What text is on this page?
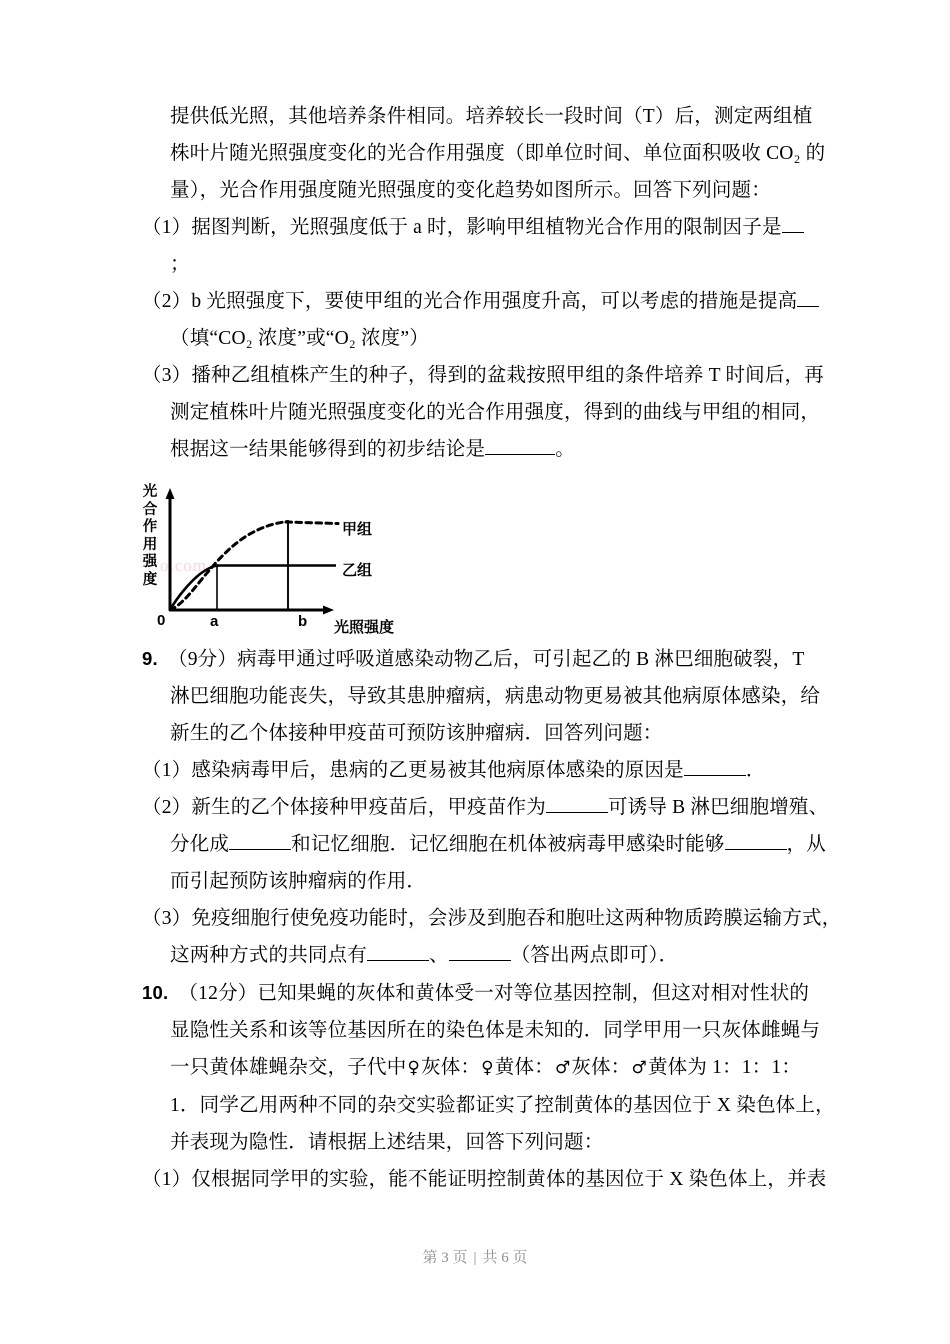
提供低光照，其他培养条件相同。培养较长一段时间（T）后，测定两组植
株叶片随光照强度变化的光合作用强度（即单位时间、单位面积吸收 CO₂ 的
量），光合作用强度随光照强度的变化趋势如图所示。回答下列问题：
（1）据图判断，光照强度低于 a 时，影响甲组植物光合作用的限制因子是
；
（2）b 光照强度下，要使甲组的光合作用强度升高，可以考虑的措施是提高
（填“CO₂ 浓度”或“O₂ 浓度”）
（3）播种乙组植株产生的种子，得到的盆栽按照甲组的条件培养 T 时间后，再
测定植株叶片随光照强度变化的光合作用强度，得到的曲线与甲组的相同，
根据这一结果能够得到的初步结论是	。
9. （9分）病毒甲通过呼吸道感染动物乙后，可引起乙的 B 淋巴细胞破裂，T
淋巴细胞功能丧失，导致其患肿瘤病，病患动物更易被其他病原体感染，给
新生的乙个体接种甲疫苗可预防该肿瘤病．回答列问题：
（1）感染病毒甲后，患病的乙更易被其他病原体感染的原因是	．
（2）新生的乙个体接种甲疫苗后，甲疫苗作为	可诱导 B 淋巴细胞增殖、
分化成	和记忆细胞．记忆细胞在机体被病毒甲感染时能够	，从
而引起预防该肿瘤病的作用．
（3）免疫细胞行使免疫功能时，会涉及到胞吞和胞吐这两种物质跨膜运输方式，
这两种方式的共同点有	、	（答出两点即可）．
10. （12分）已知果蝇的灰体和黄体受一对等位基因控制，但这对相对性状的
显隐性关系和该等位基因所在的染色体是未知的．同学甲用一只灰体雌蝇与
一只黄体雄蝇杂交，子代中♀灰体：♀黄体：♂灰体：♂黄体为 1：1：1：
1．同学乙用两种不同的杂交实验都证实了控制黄体的基因位于 X 染色体上，
并表现为隐性．请根据上述结果，回答下列问题：
（1）仅根据同学甲的实验，能不能证明控制黄体的基因位于 X 染色体上，并表
o.com
光合作用强度
0	a	b
甲组
乙组
光照强度
第 3 页 | 共 6 页
